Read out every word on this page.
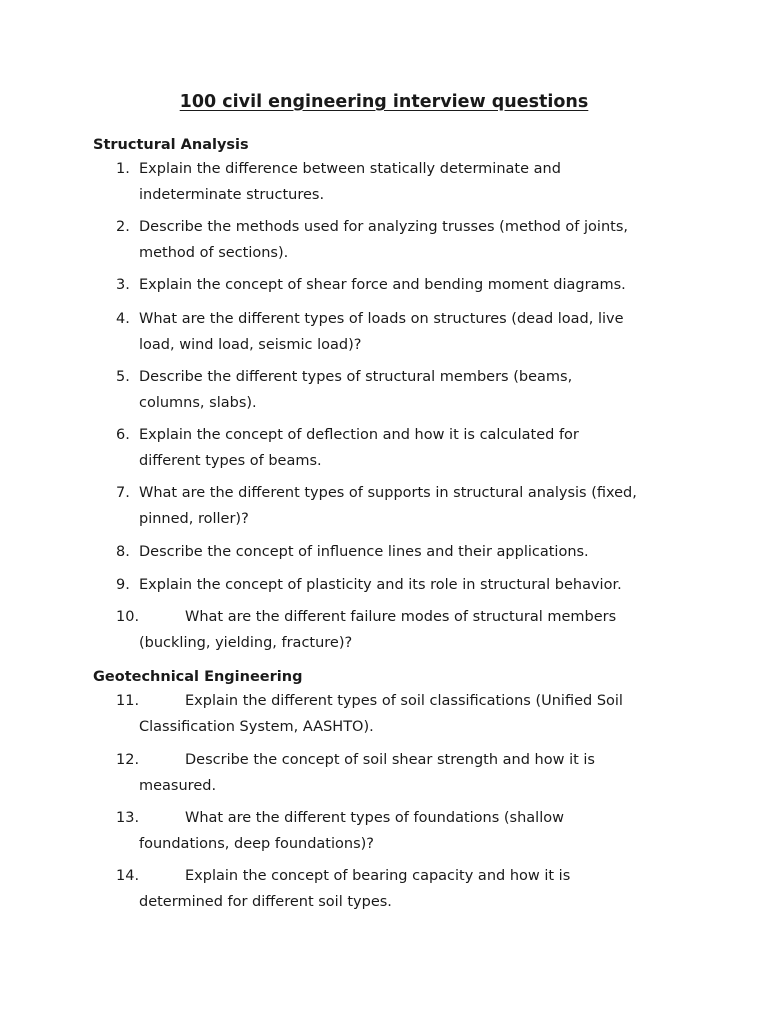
100 civil engineering interview questions
Structural Analysis
1. Explain the difference between statically determinate and
indeterminate structures.
2. Describe the methods used for analyzing trusses (method of joints,
method of sections).
3. Explain the concept of shear force and bending moment diagrams.
4. What are the different types of loads on structures (dead load, live
load, wind load, seismic load)?
5. Describe the different types of structural members (beams,
columns, slabs).
6. Explain the concept of deflection and how it is calculated for
different types of beams.
7. What are the different types of supports in structural analysis (fixed,
pinned, roller)?
8. Describe the concept of influence lines and their applications.
9. Explain the concept of plasticity and its role in structural behavior.
10.	What are the different failure modes of structural members
(buckling, yielding, fracture)?
Geotechnical Engineering
11.	Explain the different types of soil classifications (Unified Soil
Classification System, AASHTO).
12.	Describe the concept of soil shear strength and how it is
measured.
13.	What are the different types of foundations (shallow
foundations, deep foundations)?
14.	Explain the concept of bearing capacity and how it is
determined for different soil types.
